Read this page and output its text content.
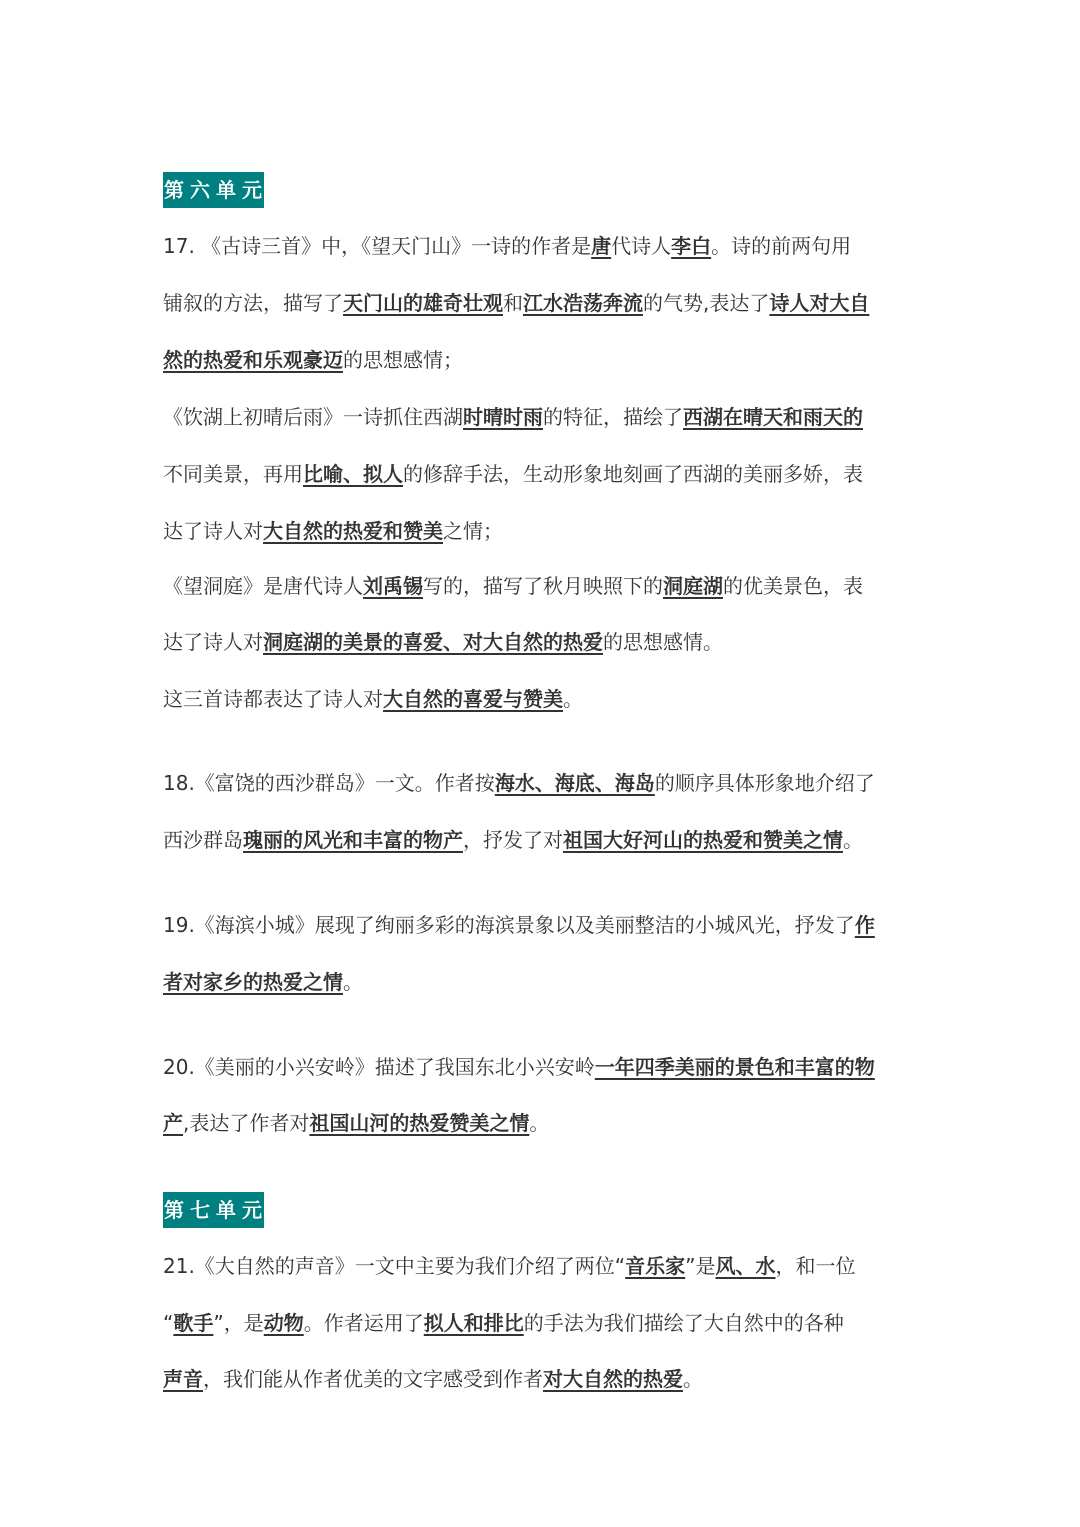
第六单元
17. 《古诗三首》中，《望天门山》一诗的作者是唐代诗人李白。诗的前两句用
铺叙的方法，描写了天门山的雄奇壮观和江水浩荡奔流的气势,表达了诗人对大自
然的热爱和乐观豪迈的思想感情；
《饮湖上初晴后雨》一诗抓住西湖时晴时雨的特征，描绘了西湖在晴天和雨天的
不同美景，再用比喻、拟人的修辞手法，生动形象地刻画了西湖的美丽多娇，表
达了诗人对大自然的热爱和赞美之情；
《望洞庭》是唐代诗人刘禹锡写的，描写了秋月映照下的洞庭湖的优美景色，表
达了诗人对洞庭湖的美景的喜爱、对大自然的热爱的思想感情。
这三首诗都表达了诗人对大自然的喜爱与赞美。
18.《富饶的西沙群岛》一文。作者按海水、海底、海岛的顺序具体形象地介绍了
西沙群岛瑰丽的风光和丰富的物产，抒发了对祖国大好河山的热爱和赞美之情。
19.《海滨小城》展现了绚丽多彩的海滨景象以及美丽整洁的小城风光，抒发了作
者对家乡的热爱之情。
20.《美丽的小兴安岭》描述了我国东北小兴安岭一年四季美丽的景色和丰富的物
产,表达了作者对祖国山河的热爱赞美之情。
第七单元
21.《大自然的声音》一文中主要为我们介绍了两位“音乐家”是风、水，和一位
“歌手”，是动物。作者运用了拟人和排比的手法为我们描绘了大自然中的各种
声音，我们能从作者优美的文字感受到作者对大自然的热爱。
